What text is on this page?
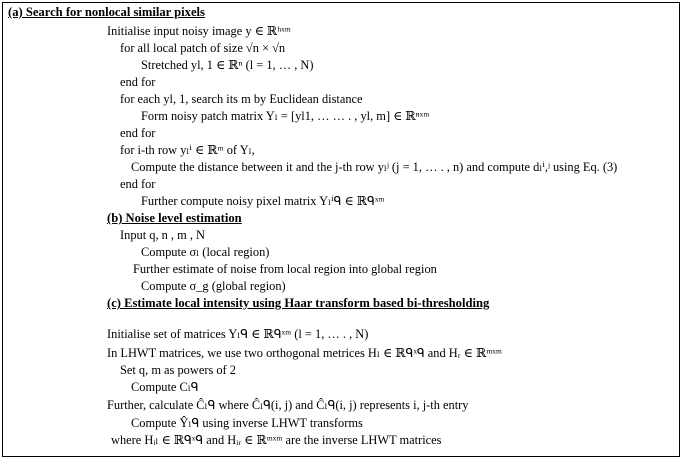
(a) Search for nonlocal similar pixels
Initialise input noisy image y ∈ ℝʰˣᵐ
for all local patch of size √n × √n
Stretched yl, 1 ∈ ℝⁿ (l = 1, … , N)
end for
for each yl, 1, search its m by Euclidean distance
Form noisy patch matrix Yₗ = [yl1, … … . , yl, m] ∈ ℝⁿˣᵐ
end for
for i-th row yₗⁱ ∈ ℝᵐ of Yₗ,
Compute the distance between it and the j-th row yₗʲ (j = 1, … . , n) and compute dₗⁱ,ʲ using Eq. (3)
end for
Further compute noisy pixel matrix Yₗⁱᑫ ∈ ℝᑫˣᵐ
(b) Noise level estimation
Input q, n , m , N
Compute σₗ (local region)
Further estimate of noise from local region into global region
Compute σ_g (global region)
(c) Estimate local intensity using Haar transform based bi-thresholding
Initialise set of matrices Yₗᑫ ∈ ℝᑫˣᵐ (l = 1, … . , N)
In LHWT matrices, we use two orthogonal metrices Hₗ ∈ ℝᑫˣᑫ and Hᵣ ∈ ℝᵐˣᵐ
Set q, m as powers of 2
Compute Cₗᑫ
Further, calculate Ĉₗᑫ where Ĉₗᑫ(i, j) and Ĉₗᑫ(i, j) represents i, j-th entry
Compute Ŷₗᑫ using inverse LHWT transforms
where Hᵢₗ ∈ ℝᑫˣᑫ and Hᵢᵣ ∈ ℝᵐˣᵐ are the inverse LHWT matrices
